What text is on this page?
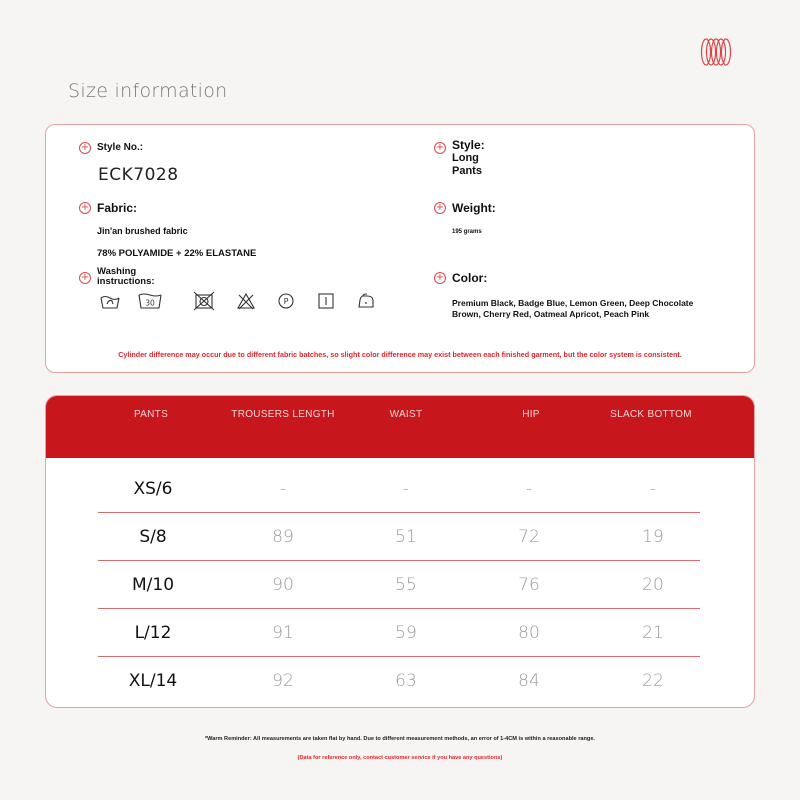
Size information
+ Style No.:
ECK7028
+ Fabric:
Jin'an brushed fabric
78% POLYAMIDE + 22% ELASTANE
+
Washing
instructions:
30	P
+ Style:
Long
Pants
+ Weight:
195 grams
+ Color:
Premium Black, Badge Blue, Lemon Green, Deep Chocolate
Brown, Cherry Red, Oatmeal Apricot, Peach Pink
Cylinder difference may occur due to different fabric batches, so slight color difference may exist between each finished garment, but the color system is consistent.
PANTS	TROUSERS LENGTH	WAIST	HIP	SLACK BOTTOM
XS/6	-	-	-	-
S/8	89	51	72	19
M/10	90	55	76	20
L/12	91	59	80	21
XL/14	92	63	84	22
*Warm Reminder: All measurements are taken flat by hand. Due to different measurement methods, an error of 1-4CM is within a reasonable range.
(Data for reference only, contact customer service if you have any questions)
